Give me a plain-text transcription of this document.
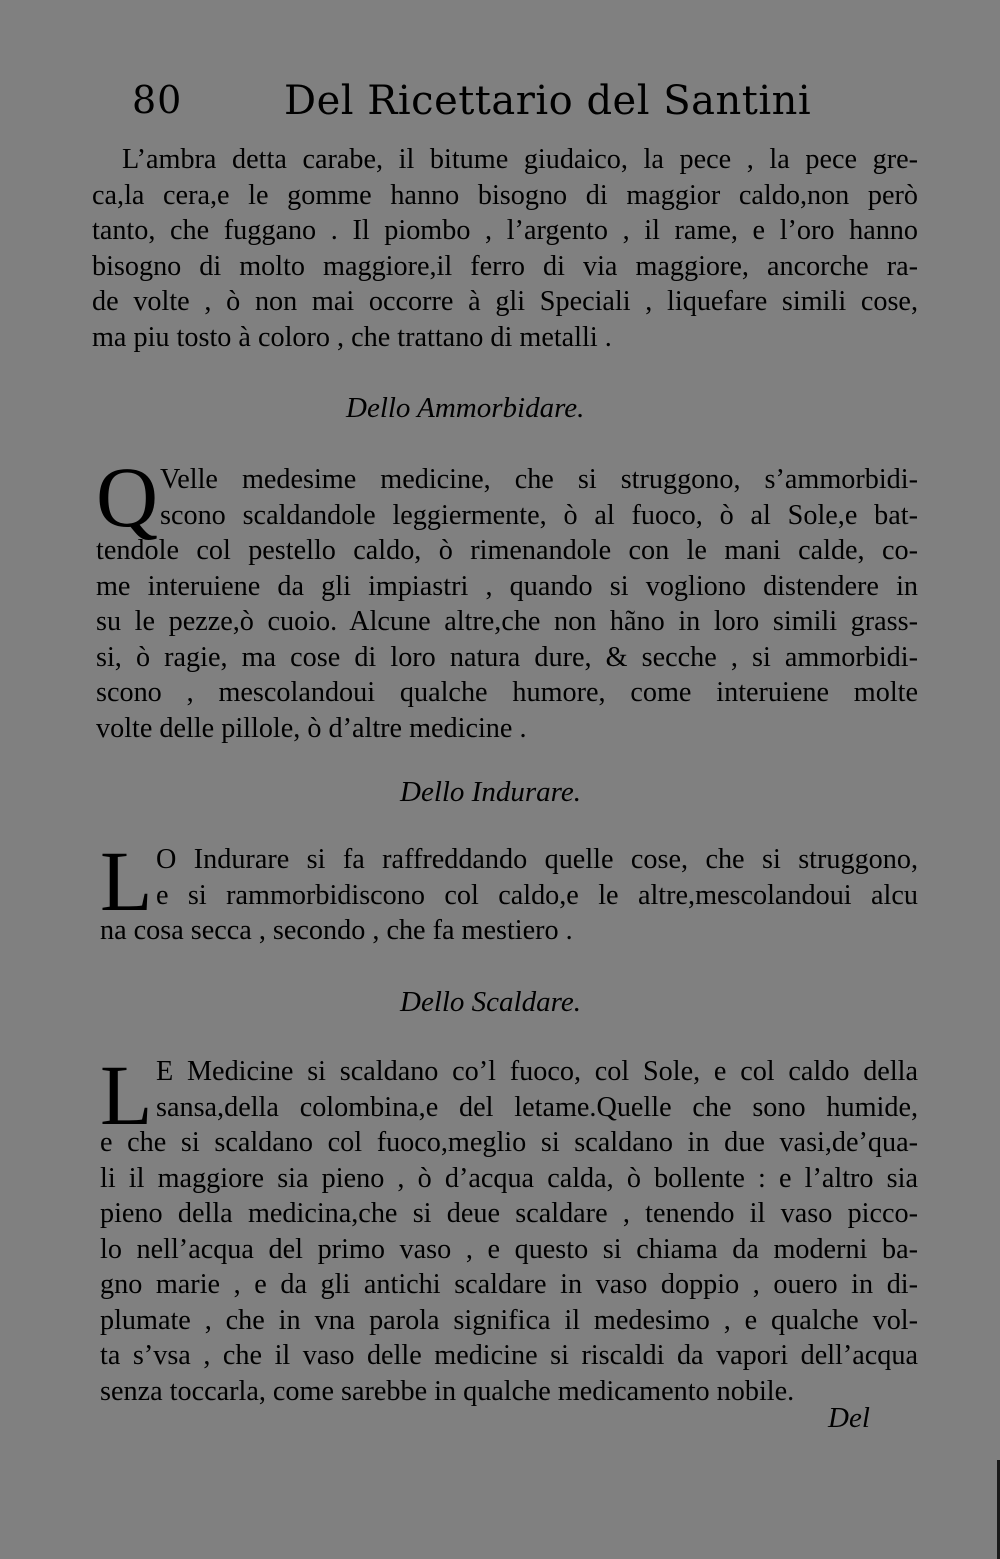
80	Del Ricettario del Santini
L’ambra detta carabe, il bitume giudaico, la pece , la pece gre-
ca,la cera,e le gomme hanno bisogno di maggior caldo,non però
tanto, che fuggano . Il piombo , l’argento , il rame, e l’oro hanno
bisogno di molto maggiore,il ferro di via maggiore, ancorche ra-
de volte , ò non mai occorre à gli Speciali , liquefare simili cose,
ma piu tosto à coloro , che trattano di metalli .
Dello Ammorbidare.
Q Velle medesime medicine, che si struggono, s’ammorbidi-
scono scaldandole leggiermente, ò al fuoco, ò al Sole,e bat-
tendole col pestello caldo, ò rimenandole con le mani calde, co-
me interuiene da gli impiastri , quando si vogliono distendere in
su le pezze,ò cuoio. Alcune altre,che non hãno in loro simili grass-
si, ò ragie, ma cose di loro natura dure, & secche , si ammorbidi-
scono , mescolandoui qualche humore, come interuiene molte
volte delle pillole, ò d’altre medicine .
Dello Indurare.
L O Indurare si fa raffreddando quelle cose, che si struggono,
e si rammorbidiscono col caldo,e le altre,mescolandoui alcu
na cosa secca , secondo , che fa mestiero .
Dello Scaldare.
L E Medicine si scaldano co’l fuoco, col Sole, e col caldo della
sansa,della colombina,e del letame.Quelle che sono humide,
e che si scaldano col fuoco,meglio si scaldano in due vasi,de’qua-
li il maggiore sia pieno , ò d’acqua calda, ò bollente : e l’altro sia
pieno della medicina,che si deue scaldare , tenendo il vaso picco-
lo nell’acqua del primo vaso , e questo si chiama da moderni ba-
gno marie , e da gli antichi scaldare in vaso doppio , ouero in di-
plumate , che in vna parola significa il medesimo , e qualche vol-
ta s’vsa , che il vaso delle medicine si riscaldi da vapori dell’acqua
senza toccarla, come sarebbe in qualche medicamento nobile.
Del
